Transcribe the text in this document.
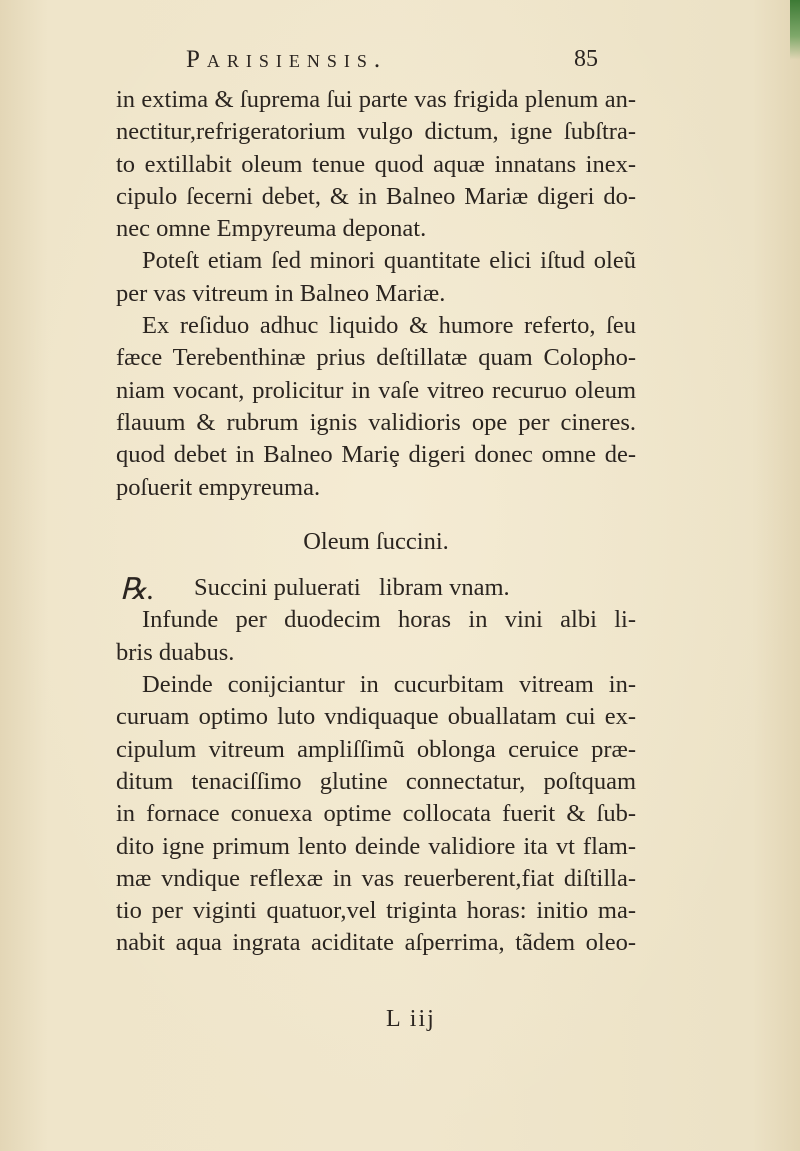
Parisiensis.	85
in extima & ſuprema ſui parte vas frigida plenum an-
nectitur,refrigeratorium vulgo dictum, igne ſubſtra-
to extillabit oleum tenue quod aquæ innatans inex-
cipulo ſecerni debet, & in Balneo Mariæ digeri do-
nec omne Empyreuma deponat.
Poteſt etiam ſed minori quantitate elici iſtud oleũ
per vas vitreum in Balneo Mariæ.
Ex reſiduo adhuc liquido & humore referto, ſeu
fæce Terebenthinæ prius deſtillatæ quam Colopho-
niam vocant, prolicitur in vaſe vitreo recuruo oleum
flauum & rubrum ignis validioris ope per cineres.
quod debet in Balneo Mariȩ digeri donec omne de-
poſuerit empyreuma.
Oleum ſuccini.
℞. Succini puluerati libram vnam.
Infunde per duodecim horas in vini albi li-
bris duabus.
Deinde conijciantur in cucurbitam vitream in-
curuam optimo luto vndiquaque obuallatam cui ex-
cipulum vitreum ampliſſimũ oblonga ceruice præ-
ditum tenaciſſimo glutine connectatur, poſtquam
in fornace conuexa optime collocata fuerit & ſub-
dito igne primum lento deinde validiore ita vt flam-
mæ vndique reflexæ in vas reuerberent,fiat diſtilla-
tio per viginti quatuor,vel triginta horas: initio ma-
nabit aqua ingrata aciditate aſperrima, tãdem oleo-
L iij
